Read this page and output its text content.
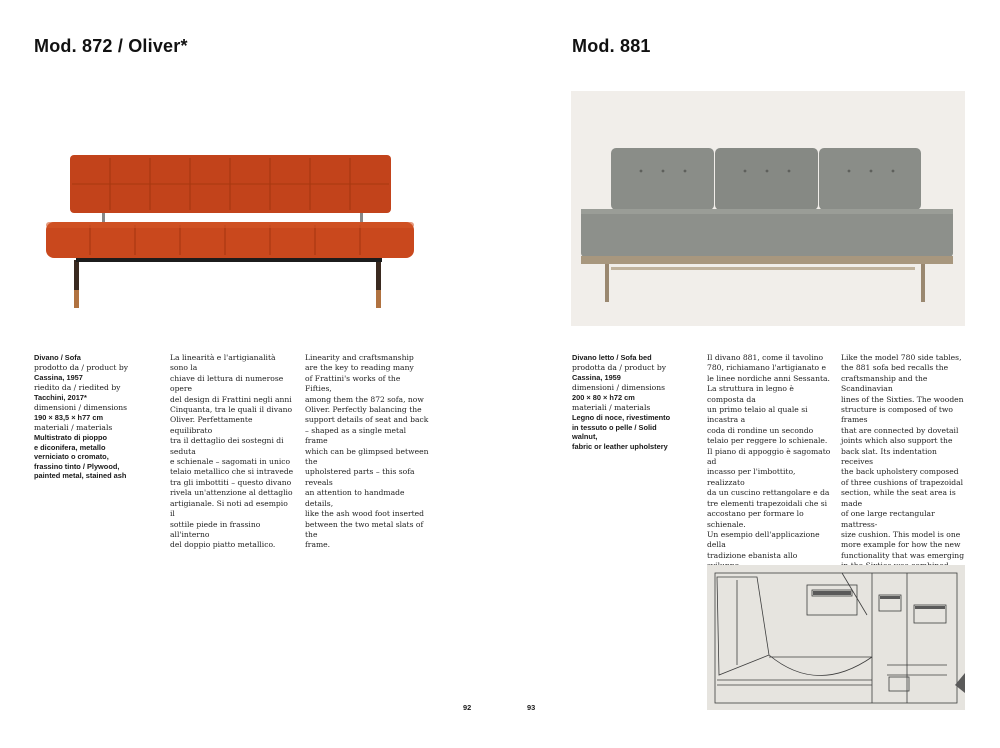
Mod. 872 / Oliver*
Divano / Sofa
prodotto da / product by
Cassina, 1957
riedito da / riedited by
Tacchini, 2017*
dimensioni / dimensions
190 × 83,5 × h77 cm
materiali / materials
Multistrato di pioppo
e diconifera, metallo
verniciato o cromato,
frassino tinto / Plywood,
painted metal, stained ash

La linearità e l'artigianalità sono la

chiave di lettura di numerose opere

del design di Frattini negli anni

Cinquanta, tra le quali il divano

Oliver. Perfettamente equilibrato

tra il dettaglio dei sostegni di seduta

e schienale – sagomati in unico

telaio metallico che si intravede

tra gli imbottiti – questo divano

rivela un'attenzione al dettaglio

artigianale. Si noti ad esempio il

sottile piede in frassino all'interno

del doppio piatto metallico.

Linearity and craftsmanship

are the key to reading many

of Frattini's works of the Fifties,

among them the 872 sofa, now

Oliver. Perfectly balancing the

support details of seat and back

– shaped as a single metal frame

which can be glimpsed between the

upholstered parts – this sofa reveals

an attention to handmade details,

like the ash wood foot inserted

between the two metal slats of the

frame.

92
Mod. 881
Divano letto / Sofa bed
prodotta da / product by
Cassina, 1959
dimensioni / dimensions
200 × 80 × h72 cm
materiali / materials
Legno di noce, rivestimento
in tessuto o pelle / Solid walnut,
fabric or leather upholstery

Il divano 881, come il tavolino

780, richiamano l'artigianato e

le linee nordiche anni Sessanta.

La struttura in legno è composta da

un primo telaio al quale si incastra a

coda di rondine un secondo

telaio per reggere lo schienale.

Il piano di appoggio è sagomato ad

incasso per l'imbottito, realizzato

da un cuscino rettangolare e da

tre elementi trapezoidali che si

accostano per formare lo schienale.

Un esempio dell'applicazione della

tradizione ebanista allo

Like the model 780 side tables,

the 881 sofa bed recalls the

craftsmanship and the Scandinavian

lines of the Sixties. The wooden

structure is composed of two frames

that are connected by dovetail

joints which also support the

back slat. Its indentation receives

the back upholstery composed

of three cushions of trapezoidal

section, while the seat area is made

of one large rectangular mattress-

size cushion. This model is one

more example for how the new

functionality that was emerging

93
